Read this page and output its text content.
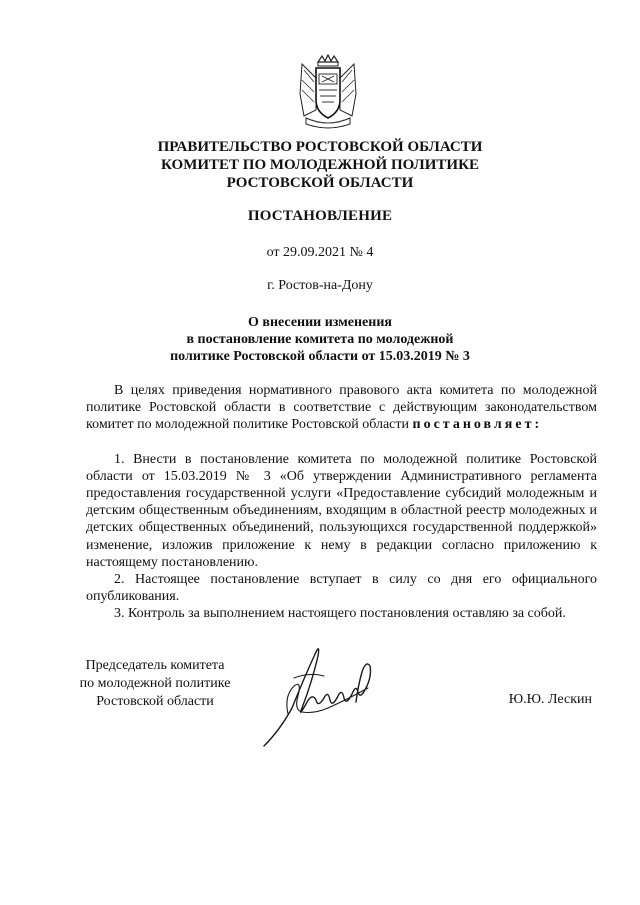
ПРАВИТЕЛЬСТВО РОСТОВСКОЙ ОБЛАСТИ
КОМИТЕТ ПО МОЛОДЕЖНОЙ ПОЛИТИКЕ
РОСТОВСКОЙ ОБЛАСТИ
ПОСТАНОВЛЕНИЕ
от 29.09.2021 № 4
г. Ростов-на-Дону
О внесении изменения
в постановление комитета по молодежной
политике Ростовской области от 15.03.2019 № 3

В целях приведения нормативного правового акта комитета по молодежной политике Ростовской области в соответствие с действующим законодательством комитет по молодежной политике Ростовской области постановляет:

1. Внести в постановление комитета по молодежной политике Ростовской области от 15.03.2019 № 3 «Об утверждении Административного регламента предоставления государственной услуги «Предоставление субсидий молодежным и детским общественным объединениям, входящим в областной реестр молодежных и детских общественных объединений, пользующихся государственной поддержкой» изменение, изложив приложение к нему в редакции согласно приложению к настоящему постановлению.

2. Настоящее постановление вступает в силу со дня его официального опубликования.

3. Контроль за выполнением настоящего постановления оставляю за собой.

Председатель комитета
по молодежной политике
Ростовской области	Ю.Ю. Лескин
